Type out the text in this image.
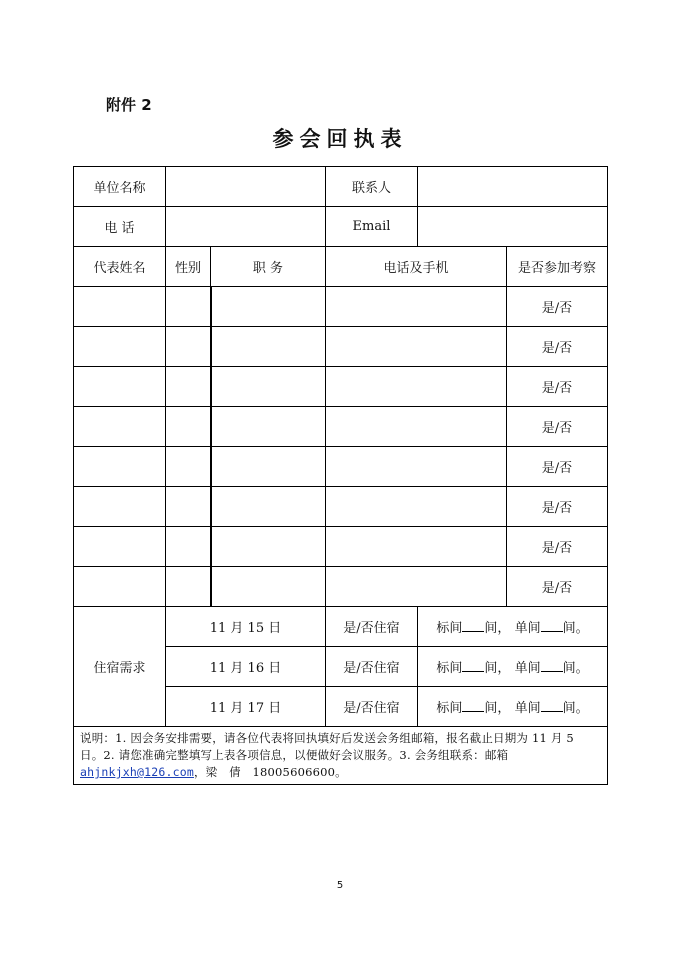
附件 2
参会回执表
单位名称			联系人		
电 话			Email		
代表姓名	性别	职 务	电话及手机		是否参加考察
					是/否
					是/否
					是/否
					是/否
					是/否
					是/否
					是/否
					是/否
住宿需求	11 月 15 日		是/否住宿	标间 间， 单间 间。	
	11 月 16 日		是/否住宿	标间 间， 单间 间。	
	11 月 17 日		是/否住宿	标间 间， 单间 间。	
说明：1. 因会务安排需要，请各位代表将回执填好后发送会务组邮箱，报名截止日期为 11 月 5 日。2. 请您准确完整填写上表各项信息，以便做好会议服务。3. 会务组联系：邮箱ahjnkjxh@126.com，梁　倩　18005606600。					
5
